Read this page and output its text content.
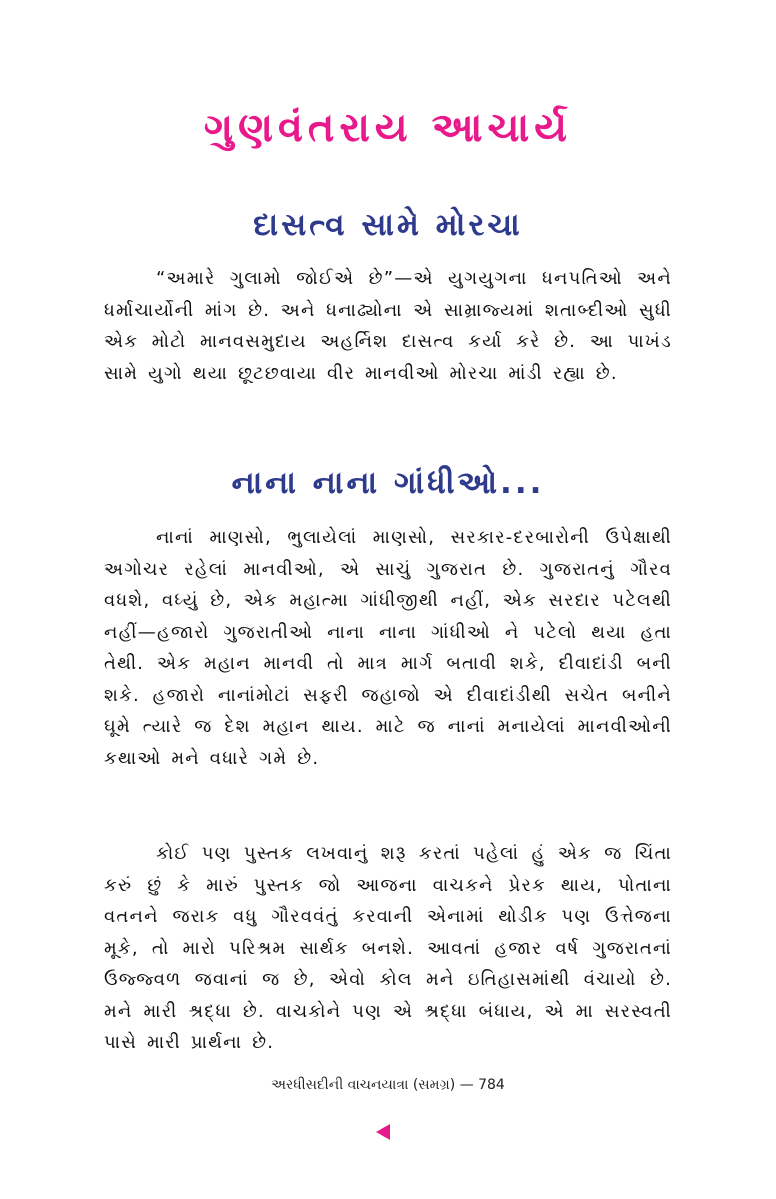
ગુણવંતરાય આચાર્ય
દાસત્વ સામે મોરચા

“અમારે ગુલામો જોઈએ છે”—એ યુગયુગના ધનપતિઓ અને ધર્માચાર્યોની માંગ છે. અને ધનાઢ્યોના એ સામ્રાજ્યમાં શતાબ્દીઓ સુધી એક મોટો માનવસમુદાય અહર્નિશ દાસત્વ કર્યા કરે છે. આ પાખંડ સામે યુગો થયા છૂટછવાયા વીર માનવીઓ મોરચા માંડી રહ્યા છે.

નાના નાના ગાંધીઓ...

નાનાં માણસો, ભુલાયેલાં માણસો, સરકાર-દરબારોની ઉપેક્ષાથી અગોચર રહેલાં માનવીઓ, એ સાચું ગુજરાત છે. ગુજરાતનું ગૌરવ વધશે, વધ્યું છે, એક મહાત્મા ગાંધીજીથી નહીં, એક સરદાર પટેલથી નહીં—હજારો ગુજરાતીઓ નાના નાના ગાંધીઓ ને પટેલો થયા હતા તેથી. એક મહાન માનવી તો માત્ર માર્ગ બતાવી શકે, દીવાદાંડી બની શકે. હજારો નાનાંમોટાં સફરી જહાજો એ દીવાદાંડીથી સચેત બનીને ઘૂમે ત્યારે જ દેશ મહાન થાય. માટે જ નાનાં મનાયેલાં માનવીઓની કથાઓ મને વધારે ગમે છે.

કોઈ પણ પુસ્તક લખવાનું શરૂ કરતાં પહેલાં હું એક જ ચિંતા કરું છું કે મારું પુસ્તક જો આજના વાચકને પ્રેરક થાય, પોતાના વતનને જરાક વધુ ગૌરવવંતું કરવાની એનામાં થોડીક પણ ઉત્તેજના મૂકે, તો મારો પરિશ્રમ સાર્થક બનશે. આવતાં હજાર વર્ષ ગુજરાતનાં ઉજ્જ્વળ જવાનાં જ છે, એવો કોલ મને ઇતિહાસમાંથી વંચાયો છે. મને મારી શ્રદ્ધા છે. વાચકોને પણ એ શ્રદ્ધા બંધાય, એ મા સરસ્વતી પાસે મારી પ્રાર્થના છે.

અરધીસદીની વાચનયાત્રા (સમગ્ર) — 784
